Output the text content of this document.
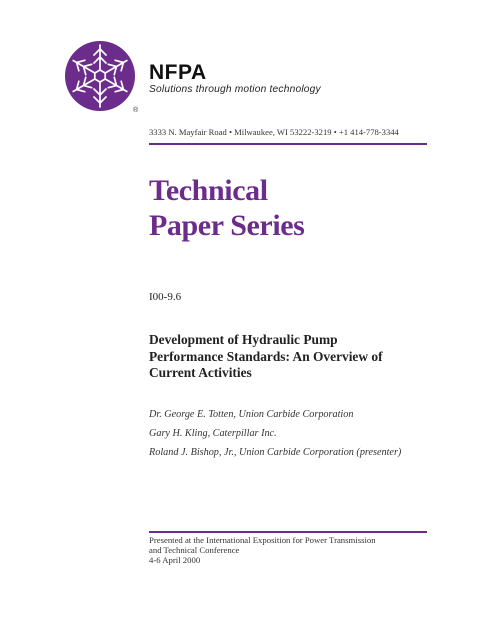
®
NFPA
Solutions through motion technology
3333 N. Mayfair Road • Milwaukee, WI 53222-3219 • +1 414-778-3344
Technical
Paper Series
I00-9.6
Development of Hydraulic Pump
Performance Standards: An Overview of
Current Activities
Dr. George E. Totten, Union Carbide Corporation
Gary H. Kling, Caterpillar Inc.
Roland J. Bishop, Jr., Union Carbide Corporation (presenter)
Presented at the International Exposition for Power Transmission
and Technical Conference
4-6 April 2000
